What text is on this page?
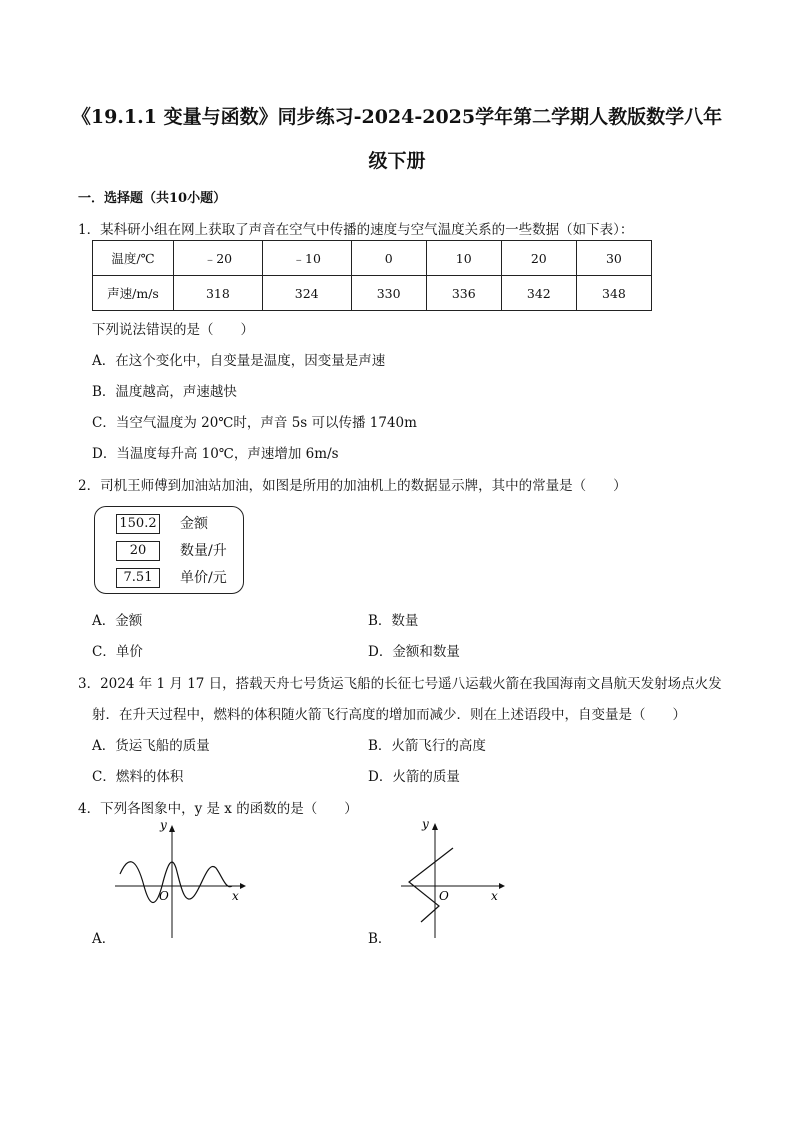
《19.1.1 变量与函数》同步练习-2024-2025学年第二学期人教版数学八年
级下册
一．选择题（共10小题）
1．某科研小组在网上获取了声音在空气中传播的速度与空气温度关系的一些数据（如下表）：
温度/℃	﹣20	﹣10	0	10	20	30
声速/m/s	318	324	330	336	342	348
下列说法错误的是（　　）
A．在这个变化中，自变量是温度，因变量是声速
B．温度越高，声速越快
C．当空气温度为 20℃时，声音 5s 可以传播 1740m
D．当温度每升高 10℃，声速增加 6m/s
2．司机王师傅到加油站加油，如图是所用的加油机上的数据显示牌，其中的常量是（　　）
150.2 金额
20	数量/升
7.51	单价/元
A．金额	B．数量
C．单价	D．金额和数量
3．2024 年 1 月 17 日，搭载天舟七号货运飞船的长征七号遥八运载火箭在我国海南文昌航天发射场点火发
射．在升天过程中，燃料的体积随火箭飞行高度的增加而减少．则在上述语段中，自变量是（　　）
A．货运飞船的质量	B．火箭飞行的高度
C．燃料的体积	D．火箭的质量
4．下列各图象中，y 是 x 的函数的是（　　）
y
x
O
A．
y
x
O
B．
